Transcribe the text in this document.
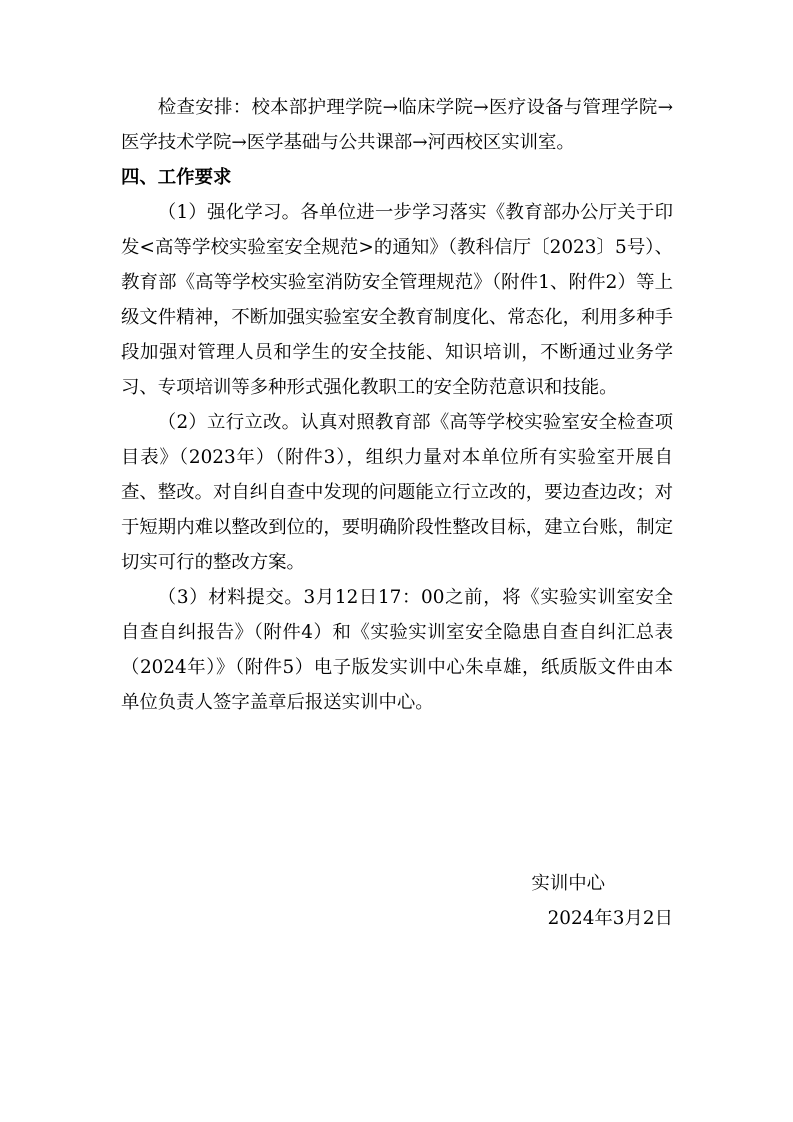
检查安排：校本部护理学院→临床学院→医疗设备与管理学院→医学技术学院→医学基础与公共课部→河西校区实训室。

四、工作要求

（1）强化学习。各单位进一步学习落实《教育部办公厅关于印发<高等学校实验室安全规范>的通知》（教科信厅〔2023〕5号）、教育部《高等学校实验室消防安全管理规范》（附件1、附件2）等上级文件精神，不断加强实验室安全教育制度化、常态化，利用多种手段加强对管理人员和学生的安全技能、知识培训，不断通过业务学习、专项培训等多种形式强化教职工的安全防范意识和技能。

（2）立行立改。认真对照教育部《高等学校实验室安全检查项目表》（2023年）（附件3），组织力量对本单位所有实验室开展自查、整改。对自纠自查中发现的问题能立行立改的，要边查边改；对于短期内难以整改到位的，要明确阶段性整改目标，建立台账，制定切实可行的整改方案。

（3）材料提交。3月12日17：00之前，将《实验实训室安全自查自纠报告》（附件4）和《实验实训室安全隐患自查自纠汇总表（2024年）》（附件5）电子版发实训中心朱卓雄，纸质版文件由本单位负责人签字盖章后报送实训中心。

实训中心
2024年3月2日
